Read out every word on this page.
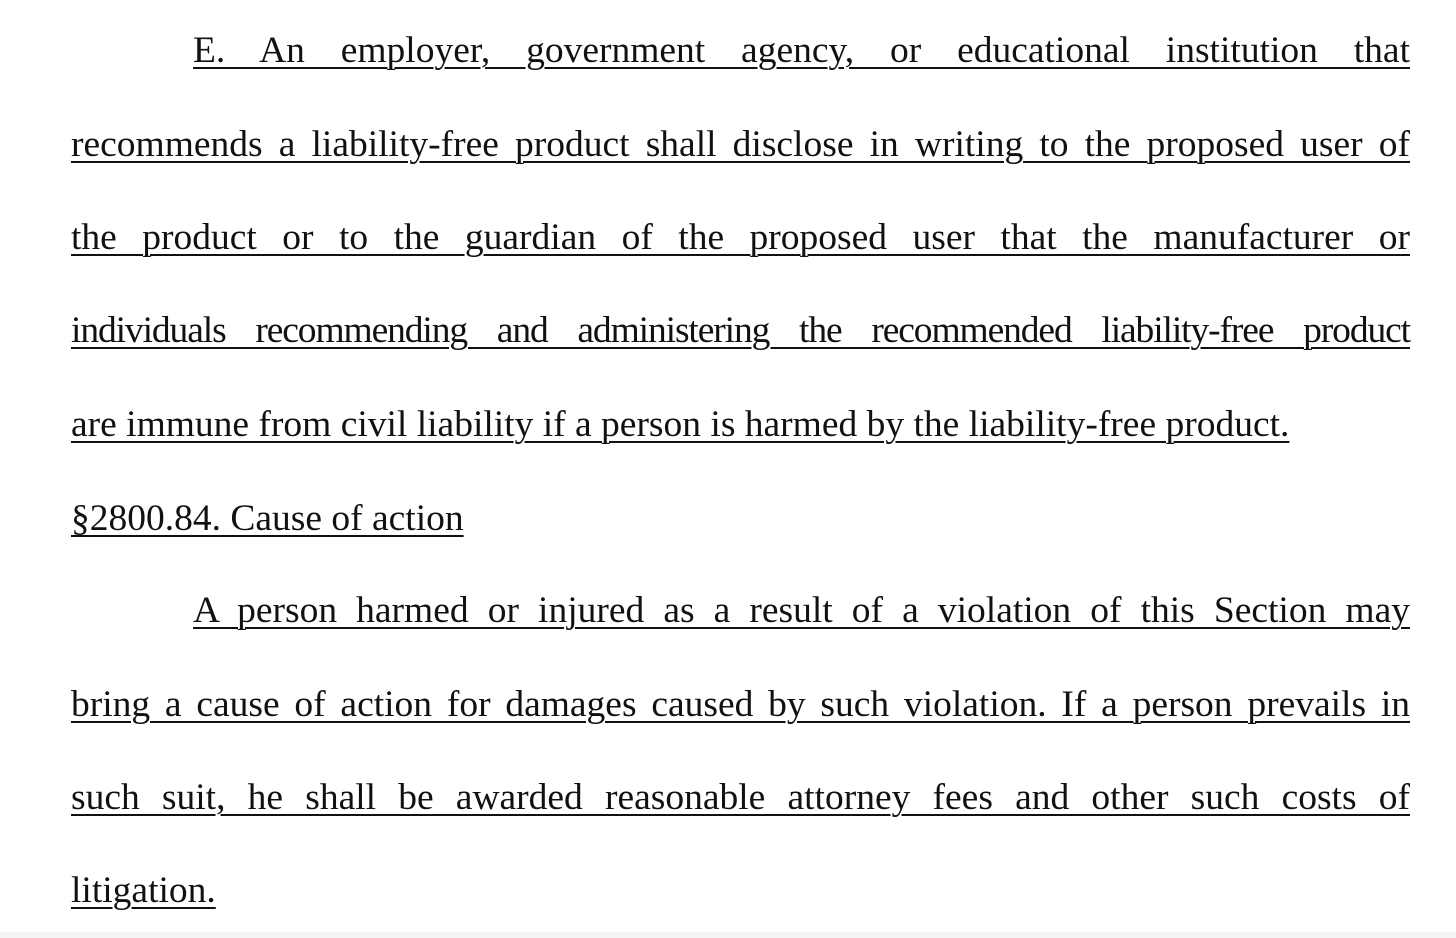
E. An employer, government agency, or educational institution that
recommends a liability-free product shall disclose in writing to the proposed user of
the product or to the guardian of the proposed user that the manufacturer or
individuals recommending and administering the recommended liability-free product
are immune from civil liability if a person is harmed by the liability-free product.
§2800.84. Cause of action
A person harmed or injured as a result of a violation of this Section may
bring a cause of action for damages caused by such violation. If a person prevails in
such suit, he shall be awarded reasonable attorney fees and other such costs of
litigation.
